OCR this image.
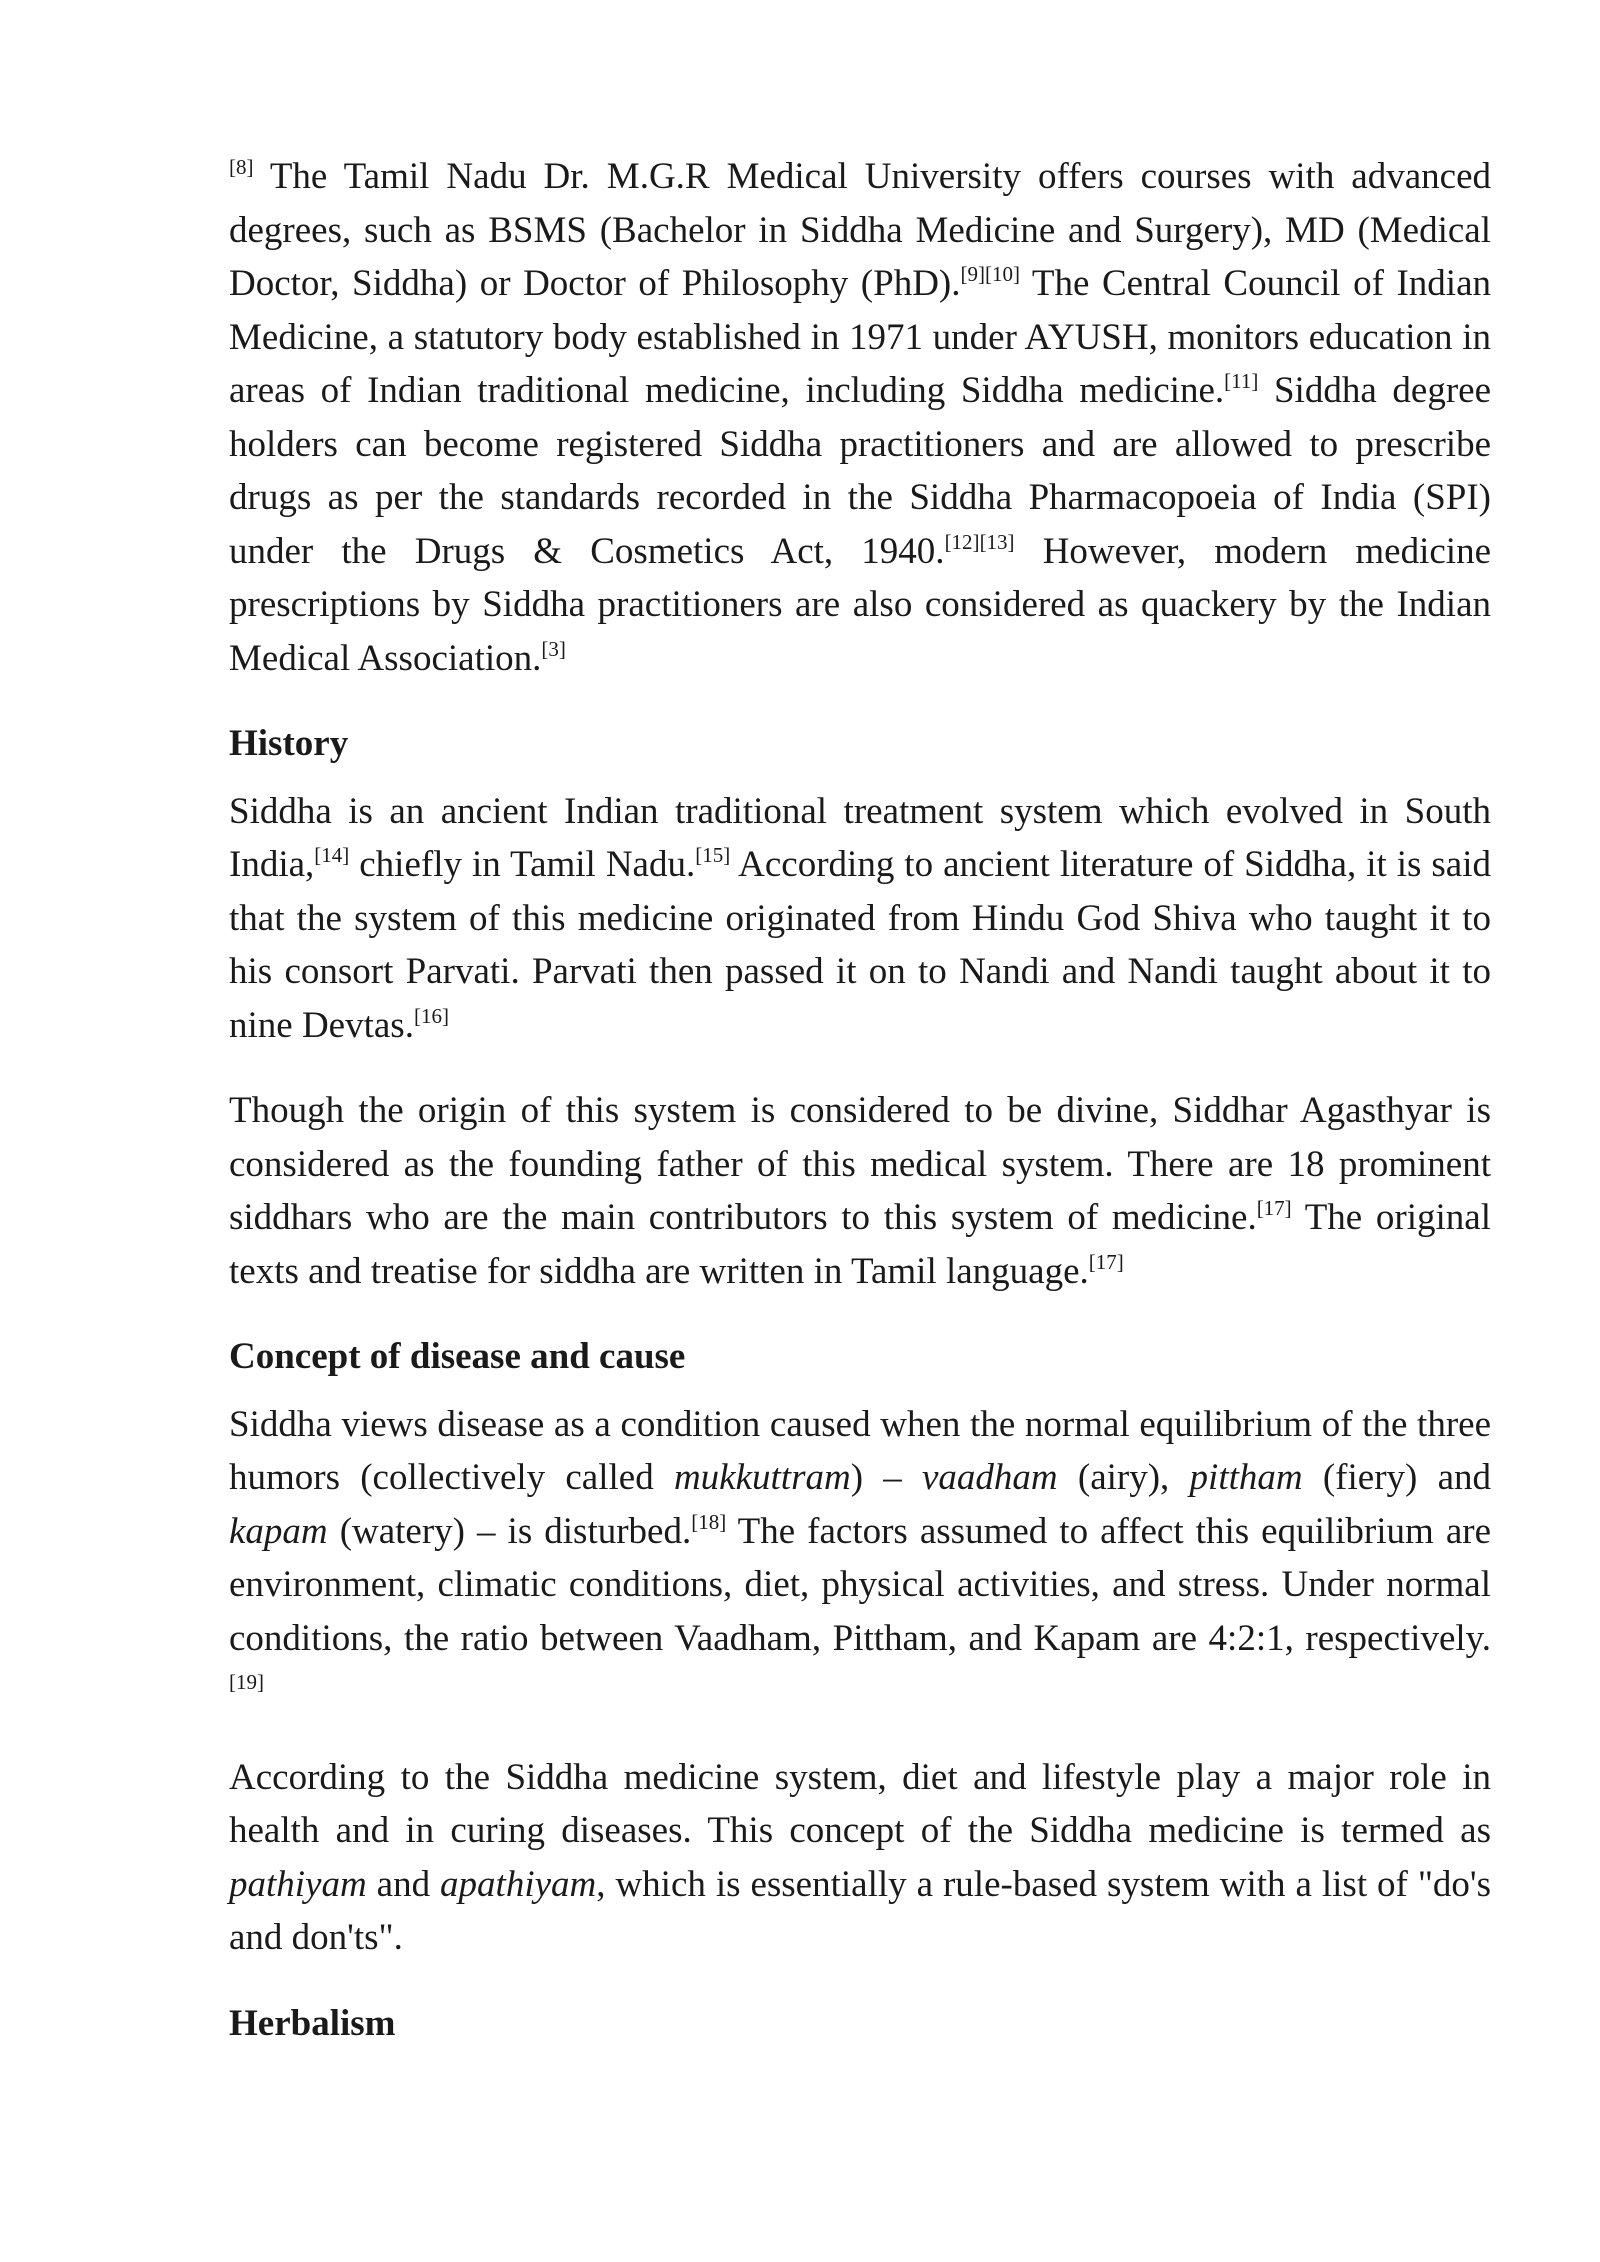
[8] The Tamil Nadu Dr. M.G.R Medical University offers courses with advanced degrees, such as BSMS (Bachelor in Siddha Medicine and Surgery), MD (Medical Doctor, Siddha) or Doctor of Philosophy (PhD).[9][10] The Central Council of Indian Medicine, a statutory body established in 1971 under AYUSH, monitors education in areas of Indian traditional medicine, including Siddha medicine.[11] Siddha degree holders can become registered Siddha practitioners and are allowed to prescribe drugs as per the standards recorded in the Siddha Pharmacopoeia of India (SPI) under the Drugs & Cosmetics Act, 1940.[12][13] However, modern medicine prescriptions by Siddha practitioners are also considered as quackery by the Indian Medical Association.[3]

History

Siddha is an ancient Indian traditional treatment system which evolved in South India,[14] chiefly in Tamil Nadu.[15] According to ancient literature of Siddha, it is said that the system of this medicine originated from Hindu God Shiva who taught it to his consort Parvati. Parvati then passed it on to Nandi and Nandi taught about it to nine Devtas.[16]

Though the origin of this system is considered to be divine, Siddhar Agasthyar is considered as the founding father of this medical system. There are 18 prominent siddhars who are the main contributors to this system of medicine.[17] The original texts and treatise for siddha are written in Tamil language.[17]

Concept of disease and cause

Siddha views disease as a condition caused when the normal equilibrium of the three humors (collectively called mukkuttram) – vaadham (airy), pittham (fiery) and kapam (watery) – is disturbed.[18] The factors assumed to affect this equilibrium are environment, climatic conditions, diet, physical activities, and stress. Under normal conditions, the ratio between Vaadham, Pittham, and Kapam are 4:2:1, respectively.[19]

According to the Siddha medicine system, diet and lifestyle play a major role in health and in curing diseases. This concept of the Siddha medicine is termed as pathiyam and apathiyam, which is essentially a rule-based system with a list of "do's and don'ts".

Herbalism
